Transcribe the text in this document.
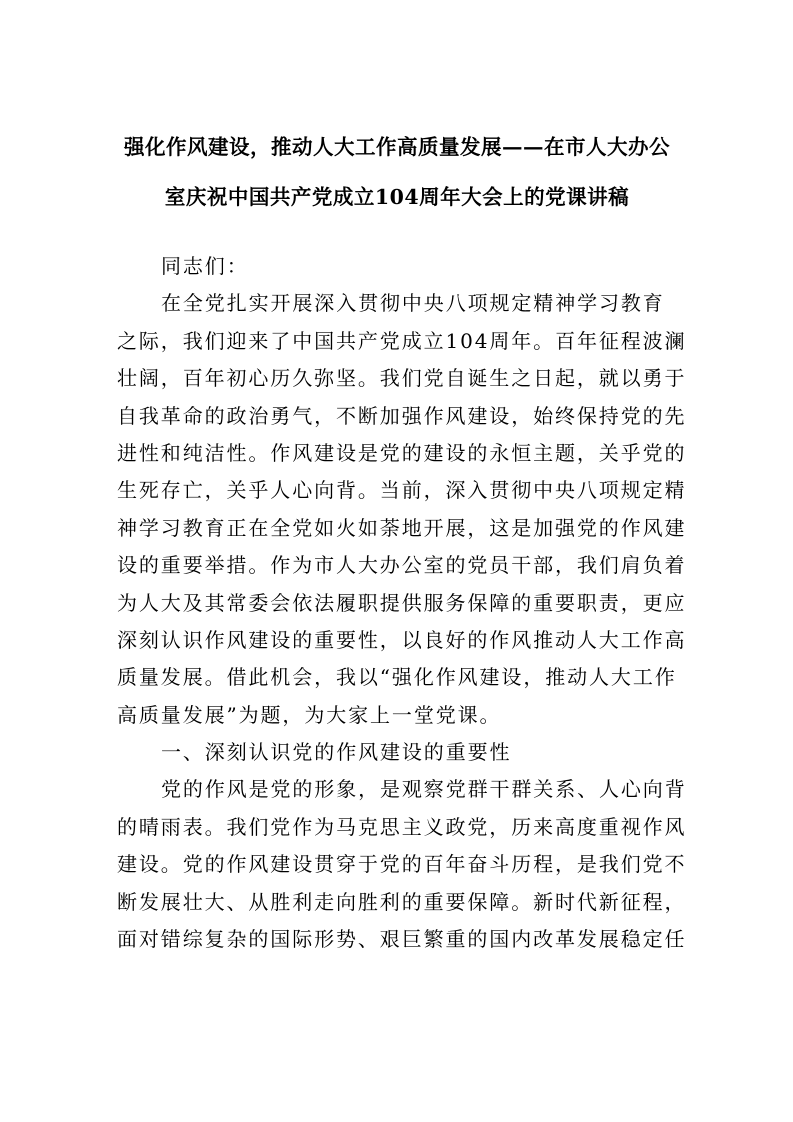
强化作风建设，推动人大工作高质量发展——在市人大办公
室庆祝中国共产党成立104周年大会上的党课讲稿
同志们：
在全党扎实开展深入贯彻中央八项规定精神学习教育
之际，我们迎来了中国共产党成立104周年。百年征程波澜
壮阔，百年初心历久弥坚。我们党自诞生之日起，就以勇于
自我革命的政治勇气，不断加强作风建设，始终保持党的先
进性和纯洁性。作风建设是党的建设的永恒主题，关乎党的
生死存亡，关乎人心向背。当前，深入贯彻中央八项规定精
神学习教育正在全党如火如荼地开展，这是加强党的作风建
设的重要举措。作为市人大办公室的党员干部，我们肩负着
为人大及其常委会依法履职提供服务保障的重要职责，更应
深刻认识作风建设的重要性，以良好的作风推动人大工作高
质量发展。借此机会，我以“强化作风建设，推动人大工作
高质量发展”为题，为大家上一堂党课。
一、深刻认识党的作风建设的重要性
党的作风是党的形象，是观察党群干群关系、人心向背
的晴雨表。我们党作为马克思主义政党，历来高度重视作风
建设。党的作风建设贯穿于党的百年奋斗历程，是我们党不
断发展壮大、从胜利走向胜利的重要保障。新时代新征程，
面对错综复杂的国际形势、艰巨繁重的国内改革发展稳定任
